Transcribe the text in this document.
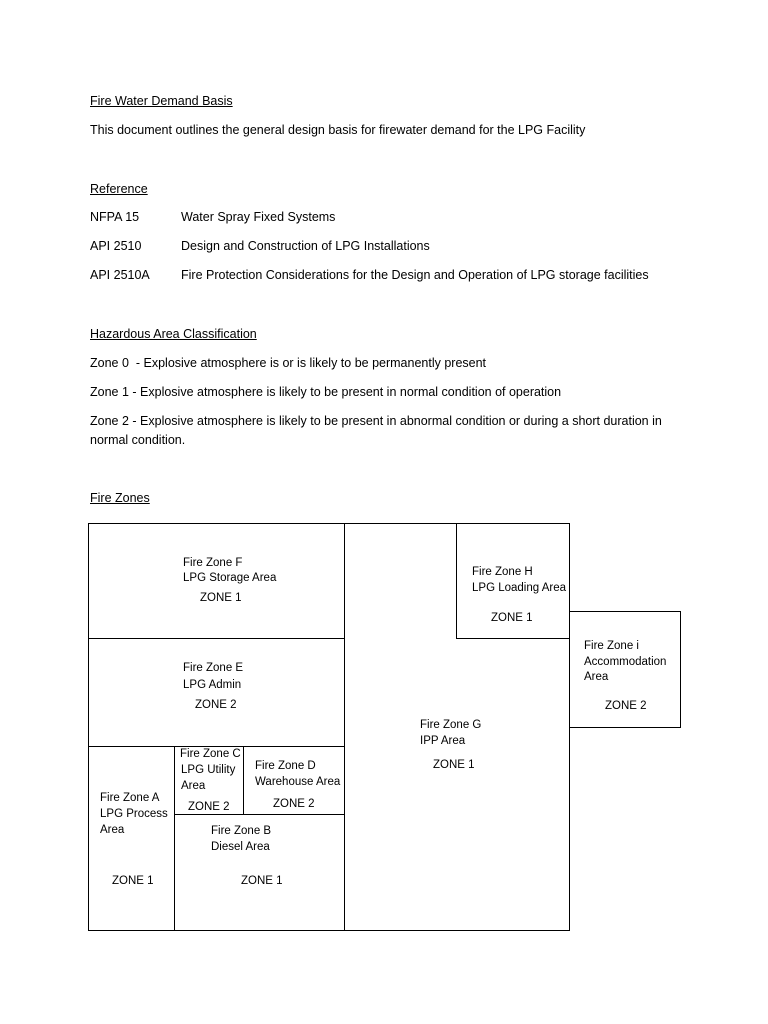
Fire Water Demand Basis
This document outlines the general design basis for firewater demand for the LPG Facility
Reference
NFPA 15	Water Spray Fixed Systems
API 2510	Design and Construction of LPG Installations
API 2510A Fire Protection Considerations for the Design and Operation of LPG storage facilities
Hazardous Area Classification
Zone 0  - Explosive atmosphere is or is likely to be permanently present
Zone 1 - Explosive atmosphere is likely to be present in normal condition of operation
Zone 2 - Explosive atmosphere is likely to be present in abnormal condition or during a short duration in normal condition.
Fire Zones
Fire Zone F
LPG Storage Area
ZONE 1
Fire Zone E
LPG Admin
ZONE 2
Fire Zone A
LPG Process
Area
ZONE 1
Fire Zone C
LPG Utility
Area
ZONE 2
Fire Zone D
Warehouse Area
ZONE 2
Fire Zone B
Diesel Area
ZONE 1
Fire Zone G
IPP Area
ZONE 1
Fire Zone H
LPG Loading Area
ZONE 1
Fire Zone i
Accommodation
Area
ZONE 2
